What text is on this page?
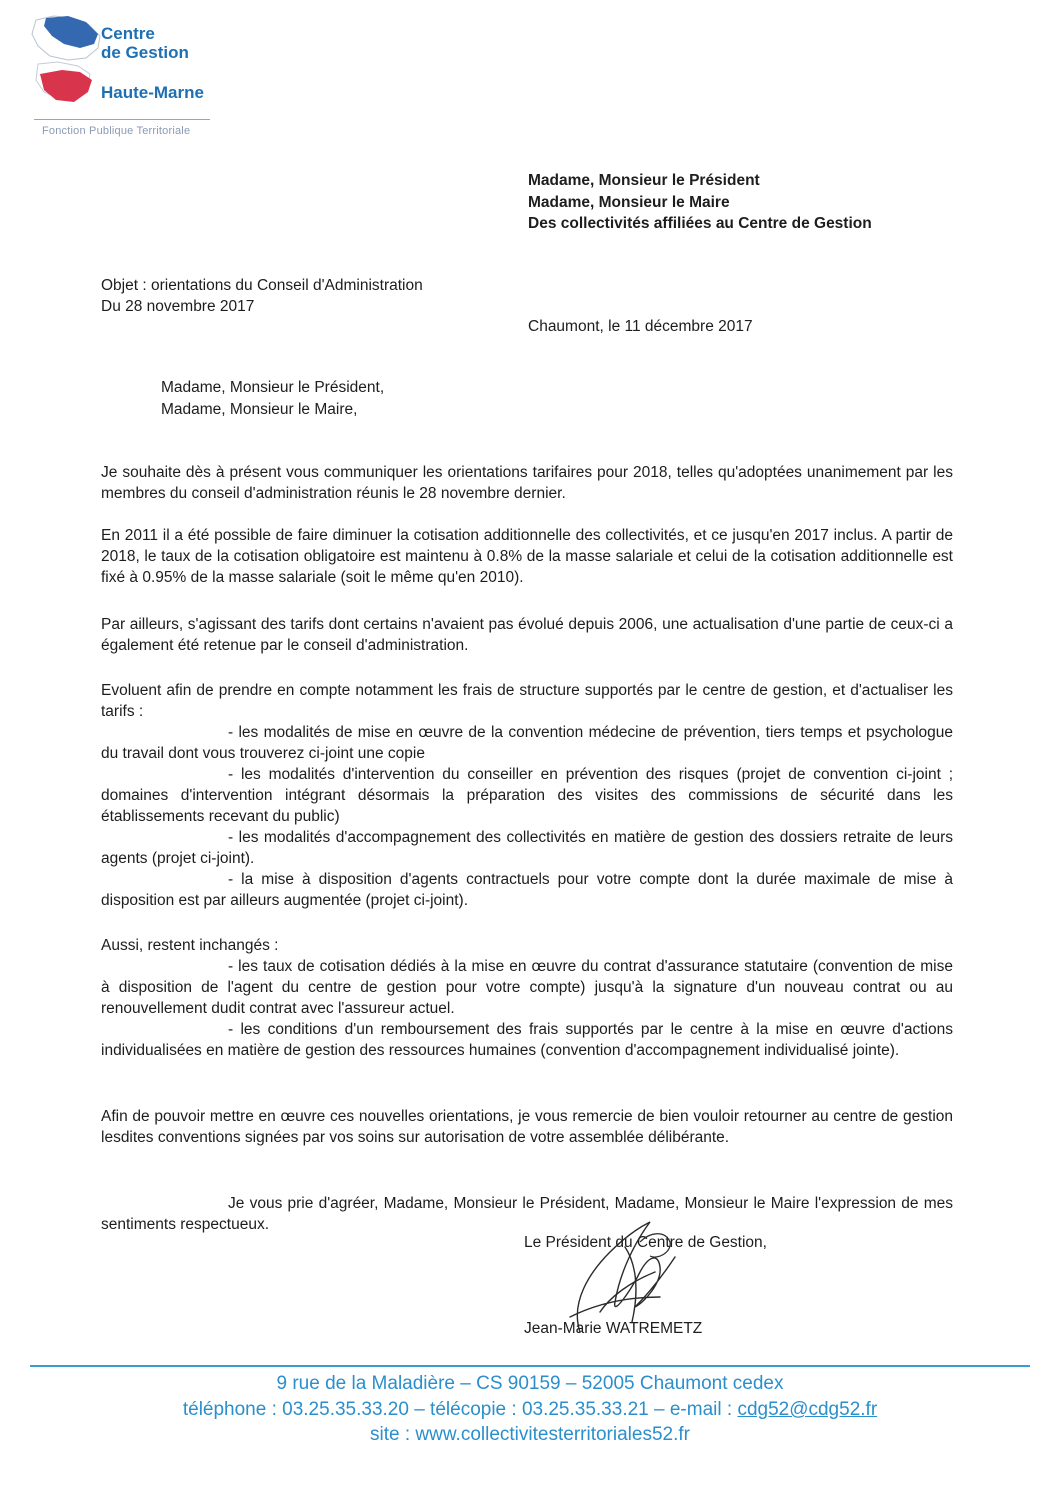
Centre
de Gestion
Haute-Marne
Fonction Publique Territoriale
Madame, Monsieur le Président
Madame, Monsieur le Maire
Des collectivités affiliées au Centre de Gestion
Objet : orientations du Conseil d'Administration
Du 28 novembre 2017
Chaumont, le 11 décembre 2017
Madame, Monsieur le Président,
Madame, Monsieur le Maire,

Je souhaite dès à présent vous communiquer les orientations tarifaires pour 2018, telles qu'adoptées unanimement par les membres du conseil d'administration réunis le 28 novembre dernier.

En 2011 il a été possible de faire diminuer la cotisation additionnelle des collectivités, et ce jusqu'en 2017 inclus. A partir de 2018, le taux de la cotisation obligatoire est maintenu à 0.8% de la masse salariale et celui de la cotisation additionnelle est fixé à 0.95% de la masse salariale (soit le même qu'en 2010).

Par ailleurs, s'agissant des tarifs dont certains n'avaient pas évolué depuis 2006, une actualisation d'une partie de ceux-ci a également été retenue par le conseil d'administration.

Evoluent afin de prendre en compte notamment les frais de structure supportés par le centre de gestion, et d'actualiser les tarifs :

- les modalités de mise en œuvre de la convention médecine de prévention, tiers temps et psychologue du travail dont vous trouverez ci-joint une copie

- les modalités d'intervention du conseiller en prévention des risques (projet de convention ci-joint ; domaines d'intervention intégrant désormais la préparation des visites des commissions de sécurité dans les établissements recevant du public)

- les modalités d'accompagnement des collectivités en matière de gestion des dossiers retraite de leurs agents (projet ci-joint).

- la mise à disposition d'agents contractuels pour votre compte dont la durée maximale de mise à disposition est par ailleurs augmentée (projet ci-joint).

Aussi, restent inchangés :

- les taux de cotisation dédiés à la mise en œuvre du contrat d'assurance statutaire (convention de mise à disposition de l'agent du centre de gestion pour votre compte) jusqu'à la signature d'un nouveau contrat ou au renouvellement dudit contrat avec l'assureur actuel.

- les conditions d'un remboursement des frais supportés par le centre à la mise en œuvre d'actions individualisées en matière de gestion des ressources humaines (convention d'accompagnement individualisé jointe).

Afin de pouvoir mettre en œuvre ces nouvelles orientations, je vous remercie de bien vouloir retourner au centre de gestion lesdites conventions signées par vos soins sur autorisation de votre assemblée délibérante.

Je vous prie d'agréer, Madame, Monsieur le Président, Madame, Monsieur le Maire l'expression de mes sentiments respectueux.

Le Président du Centre de Gestion,
Jean-Marie WATREMETZ
9 rue de la Maladière – CS 90159 – 52005 Chaumont cedex
téléphone : 03.25.35.33.20 – télécopie : 03.25.35.33.21 – e-mail : cdg52@cdg52.fr
site : www.collectivitesterritoriales52.fr
